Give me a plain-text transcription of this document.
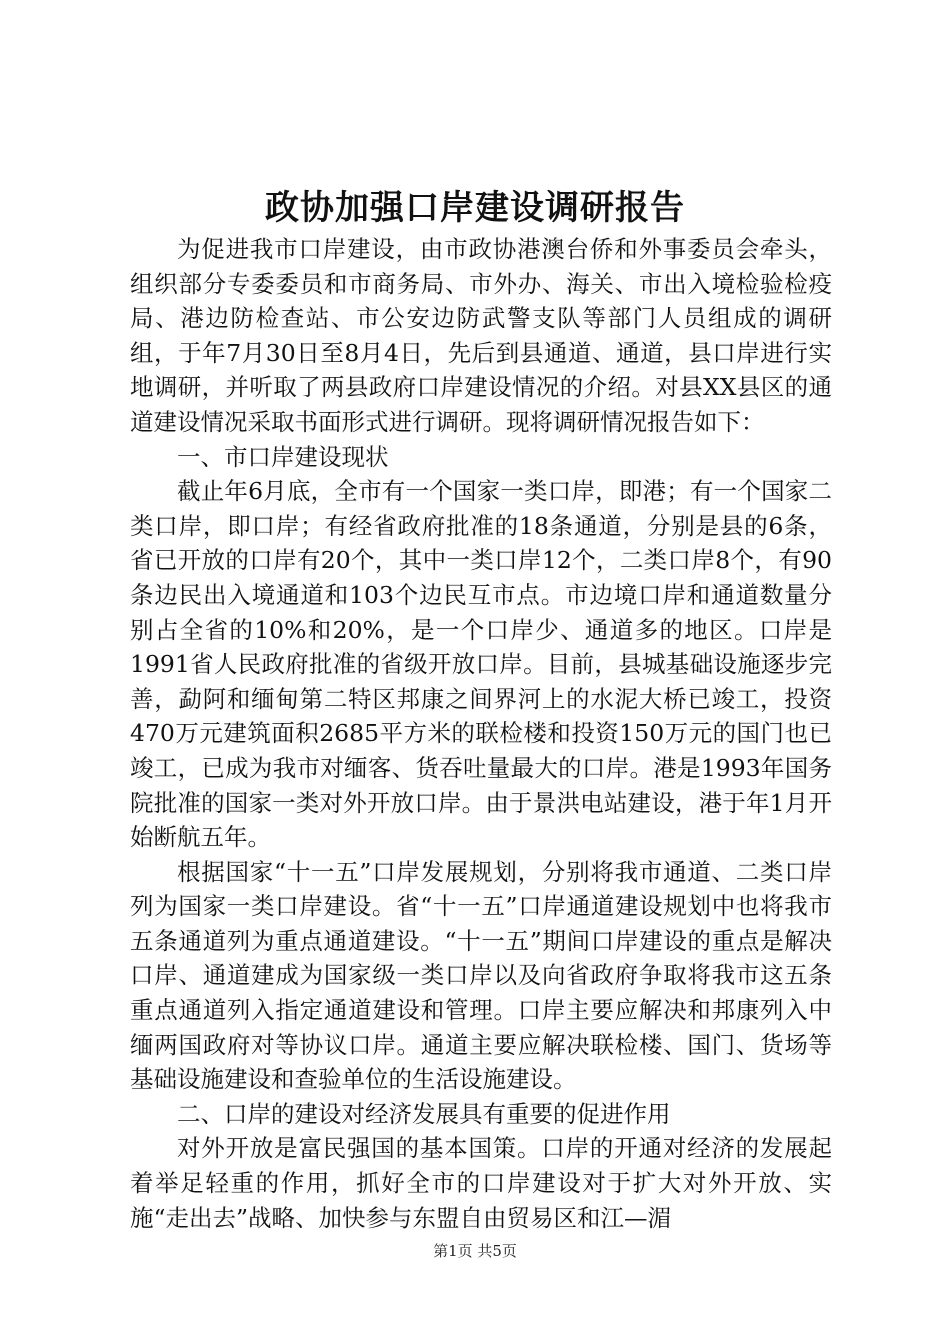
政协加强口岸建设调研报告

为促进我市口岸建设，由市政协港澳台侨和外事委员会牵头，组织部分专委委员和市商务局、市外办、海关、市出入境检验检疫局、港边防检查站、市公安边防武警支队等部门人员组成的调研组，于年7月30日至8月4日，先后到县通道、通道，县口岸进行实地调研，并听取了两县政府口岸建设情况的介绍。对县XX县区的通道建设情况采取书面形式进行调研。现将调研情况报告如下：

一、市口岸建设现状

截止年6月底，全市有一个国家一类口岸，即港；有一个国家二类口岸，即口岸；有经省政府批准的18条通道，分别是县的6条，省已开放的口岸有20个，其中一类口岸12个，二类口岸8个，有90条边民出入境通道和103个边民互市点。市边境口岸和通道数量分别占全省的10%和20%，是一个口岸少、通道多的地区。口岸是1991省人民政府批准的省级开放口岸。目前，县城基础设施逐步完善，勐阿和缅甸第二特区邦康之间界河上的水泥大桥已竣工，投资470万元建筑面积2685平方米的联检楼和投资150万元的国门也已竣工，已成为我市对缅客、货吞吐量最大的口岸。港是1993年国务院批准的国家一类对外开放口岸。由于景洪电站建设，港于年1月开始断航五年。

根据国家“十一五”口岸发展规划，分别将我市通道、二类口岸列为国家一类口岸建设。省“十一五”口岸通道建设规划中也将我市五条通道列为重点通道建设。“十一五”期间口岸建设的重点是解决口岸、通道建成为国家级一类口岸以及向省政府争取将我市这五条重点通道列入指定通道建设和管理。口岸主要应解决和邦康列入中缅两国政府对等协议口岸。通道主要应解决联检楼、国门、货场等基础设施建设和查验单位的生活设施建设。

二、口岸的建设对经济发展具有重要的促进作用

对外开放是富民强国的基本国策。口岸的开通对经济的发展起着举足轻重的作用，抓好全市的口岸建设对于扩大对外开放、实施“走出去”战略、加快参与东盟自由贸易区和江—湄

第1页 共5页
